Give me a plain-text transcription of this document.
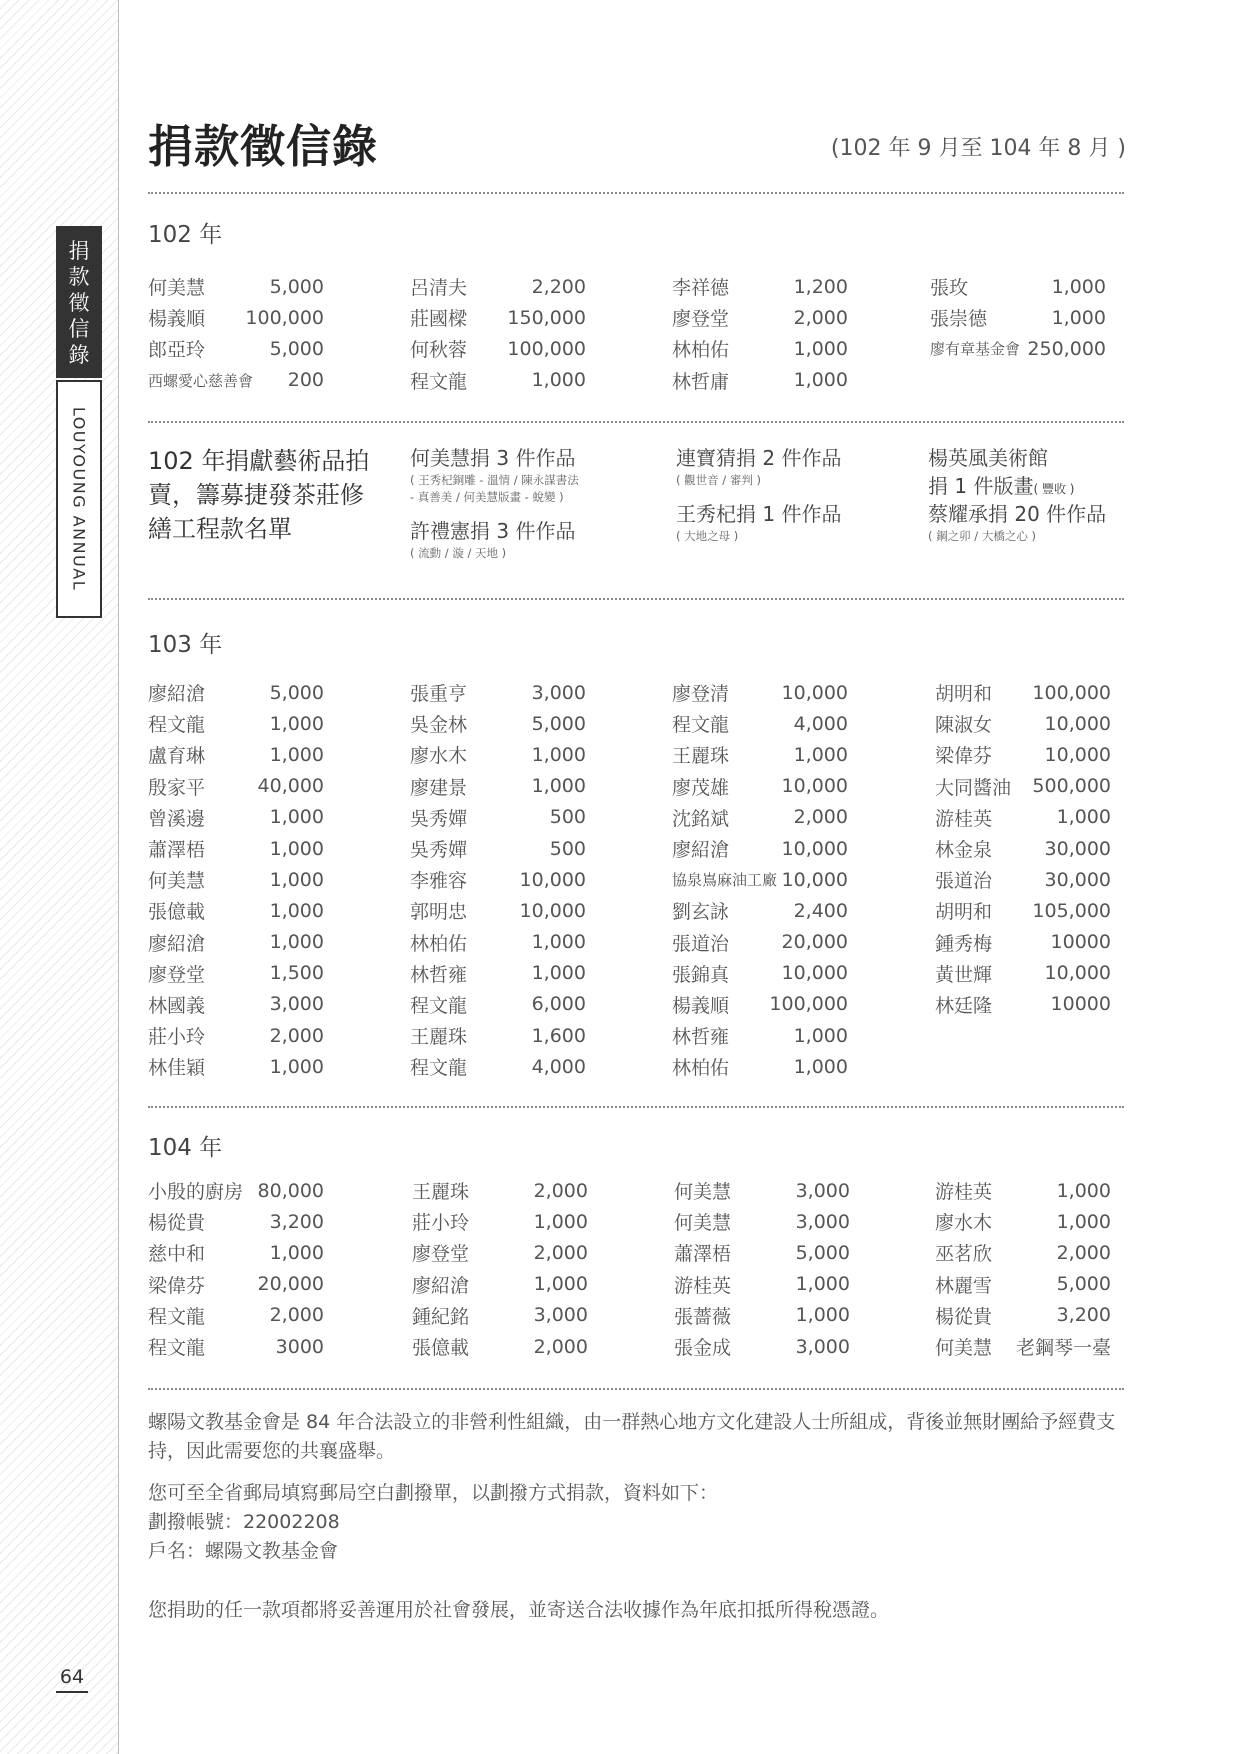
捐
款
徵
信
錄
LOUYOUNG ANNUAL
64
捐款徵信錄	(102 年 9 月至 104 年 8 月 )
102 年
何美慧	5,000
楊義順 100,000
郎亞玲	5,000
西螺愛心慈善會 200
呂清夫	2,200
莊國樑 150,000
何秋蓉 100,000
程文龍	1,000
李祥德	1,200
廖登堂	2,000
林柏佑	1,000
林哲庸	1,000
張玫	1,000
張崇德	1,000
廖有章基金會 250,000
102 年捐獻藝術品拍賣，籌募捷發茶莊修繕工程款名單
何美慧捐 3 件作品
( 王秀杞銅雕 - 溫情 / 陳永謀書法
- 真善美 / 何美慧版畫 - 蛻變 )
許禮憲捐 3 件作品
( 流動 / 漩 / 天地 )
連寶猜捐 2 件作品
( 觀世音 / 審判 )
王秀杞捐 1 件作品
( 大地之母 )
楊英風美術館
捐 1 件版畫( 豐收 )
蔡耀承捐 20 件作品
( 鋼之卯 / 大橋之心 )
103 年
廖紹滄	5,000
程文龍	1,000
盧育琳	1,000
殷家平	40,000
曾溪邊	1,000
蕭澤梧	1,000
何美慧	1,000
張億載	1,000
廖紹滄	1,000
廖登堂	1,500
林國義	3,000
莊小玲	2,000
林佳穎	1,000
張重亨	3,000
吳金林	5,000
廖水木	1,000
廖建景	1,000
吳秀嬋	500
吳秀嬋	500
李雅容	10,000
郭明忠	10,000
林柏佑	1,000
林哲雍	1,000
程文龍	6,000
王麗珠	1,600
程文龍	4,000
廖登清	10,000
程文龍	4,000
王麗珠	1,000
廖茂雄	10,000
沈銘斌	2,000
廖紹滄	10,000
協泉嶌麻油工廠 10,000
劉玄詠	2,400
張道治	20,000
張錦真	10,000
楊義順 100,000
林哲雍	1,000
林柏佑	1,000
胡明和 100,000
陳淑女	10,000
梁偉芬	10,000
大同醬油 500,000
游桂英	1,000
林金泉	30,000
張道治	30,000
胡明和 105,000
鍾秀梅	10000
黃世輝	10,000
林廷隆	10000
104 年
小殷的廚房 80,000
楊從貴	3,200
慈中和	1,000
梁偉芬	20,000
程文龍	2,000
程文龍	3000
王麗珠	2,000
莊小玲	1,000
廖登堂	2,000
廖紹滄	1,000
鍾紀銘	3,000
張億載	2,000
何美慧	3,000
何美慧	3,000
蕭澤梧	5,000
游桂英	1,000
張薔薇	1,000
張金成	3,000
游桂英	1,000
廖水木	1,000
巫茗欣	2,000
林麗雪	5,000
楊從貴	3,200
何美慧 老鋼琴一臺
螺陽文教基金會是 84 年合法設立的非營利性組織，由一群熱心地方文化建設人士所組成，背後並無財團給予經費支持，因此需要您的共襄盛舉。
您可至全省郵局填寫郵局空白劃撥單，以劃撥方式捐款，資料如下：
劃撥帳號：22002208
戶名：螺陽文教基金會
您捐助的任一款項都將妥善運用於社會發展，並寄送合法收據作為年底扣抵所得稅憑證。
